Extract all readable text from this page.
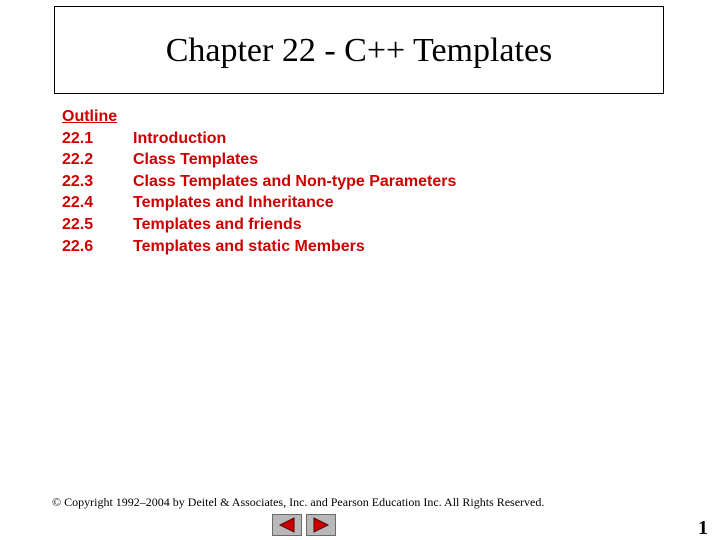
Chapter 22 - C++ Templates
Outline
22.1	Introduction
22.2	Class Templates
22.3	Class Templates and Non-type Parameters
22.4	Templates and Inheritance
22.5	Templates and friends
22.6	Templates and static Members
© Copyright 1992–2004 by Deitel & Associates, Inc. and Pearson Education Inc. All Rights Reserved.
1
